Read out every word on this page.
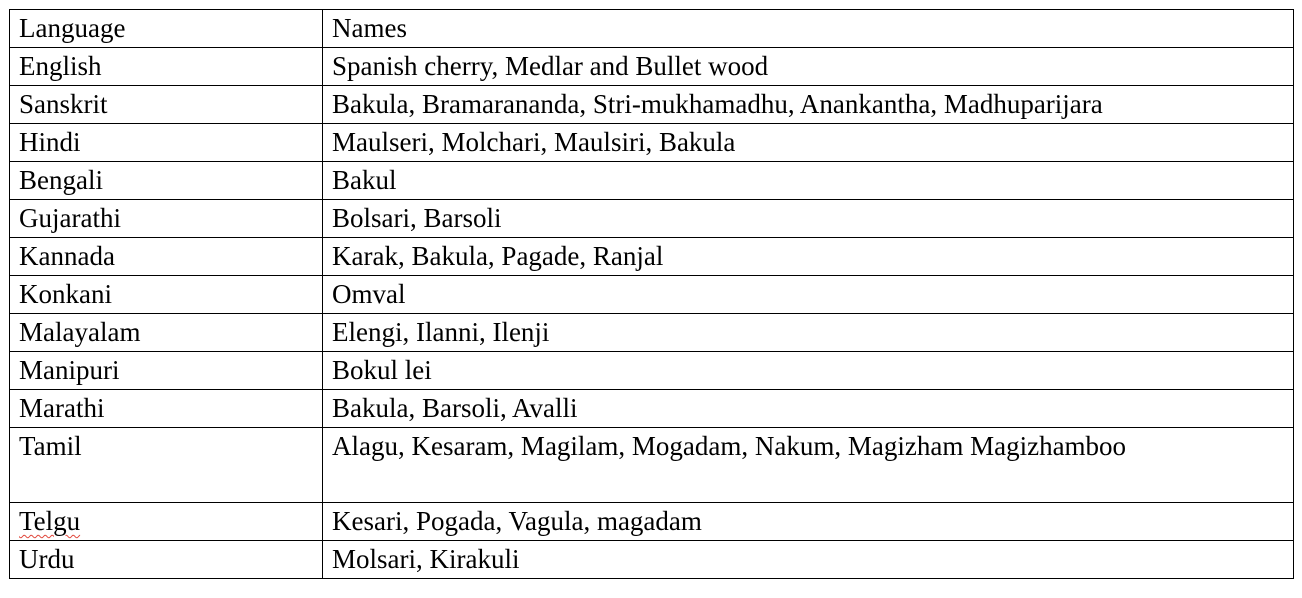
Language	Names
English	Spanish cherry, Medlar and Bullet wood
Sanskrit	Bakula, Bramarananda, Stri-mukhamadhu, Anankantha, Madhuparijara
Hindi	Maulseri, Molchari, Maulsiri, Bakula
Bengali	Bakul
Gujarathi	Bolsari, Barsoli
Kannada	Karak, Bakula, Pagade, Ranjal
Konkani	Omval
Malayalam	Elengi, Ilanni, Ilenji
Manipuri	Bokul lei
Marathi	Bakula, Barsoli, Avalli
Tamil	Alagu, Kesaram, Magilam, Mogadam, Nakum, Magizham Magizhamboo
Telgu	Kesari, Pogada, Vagula, magadam
Urdu	Molsari, Kirakuli
